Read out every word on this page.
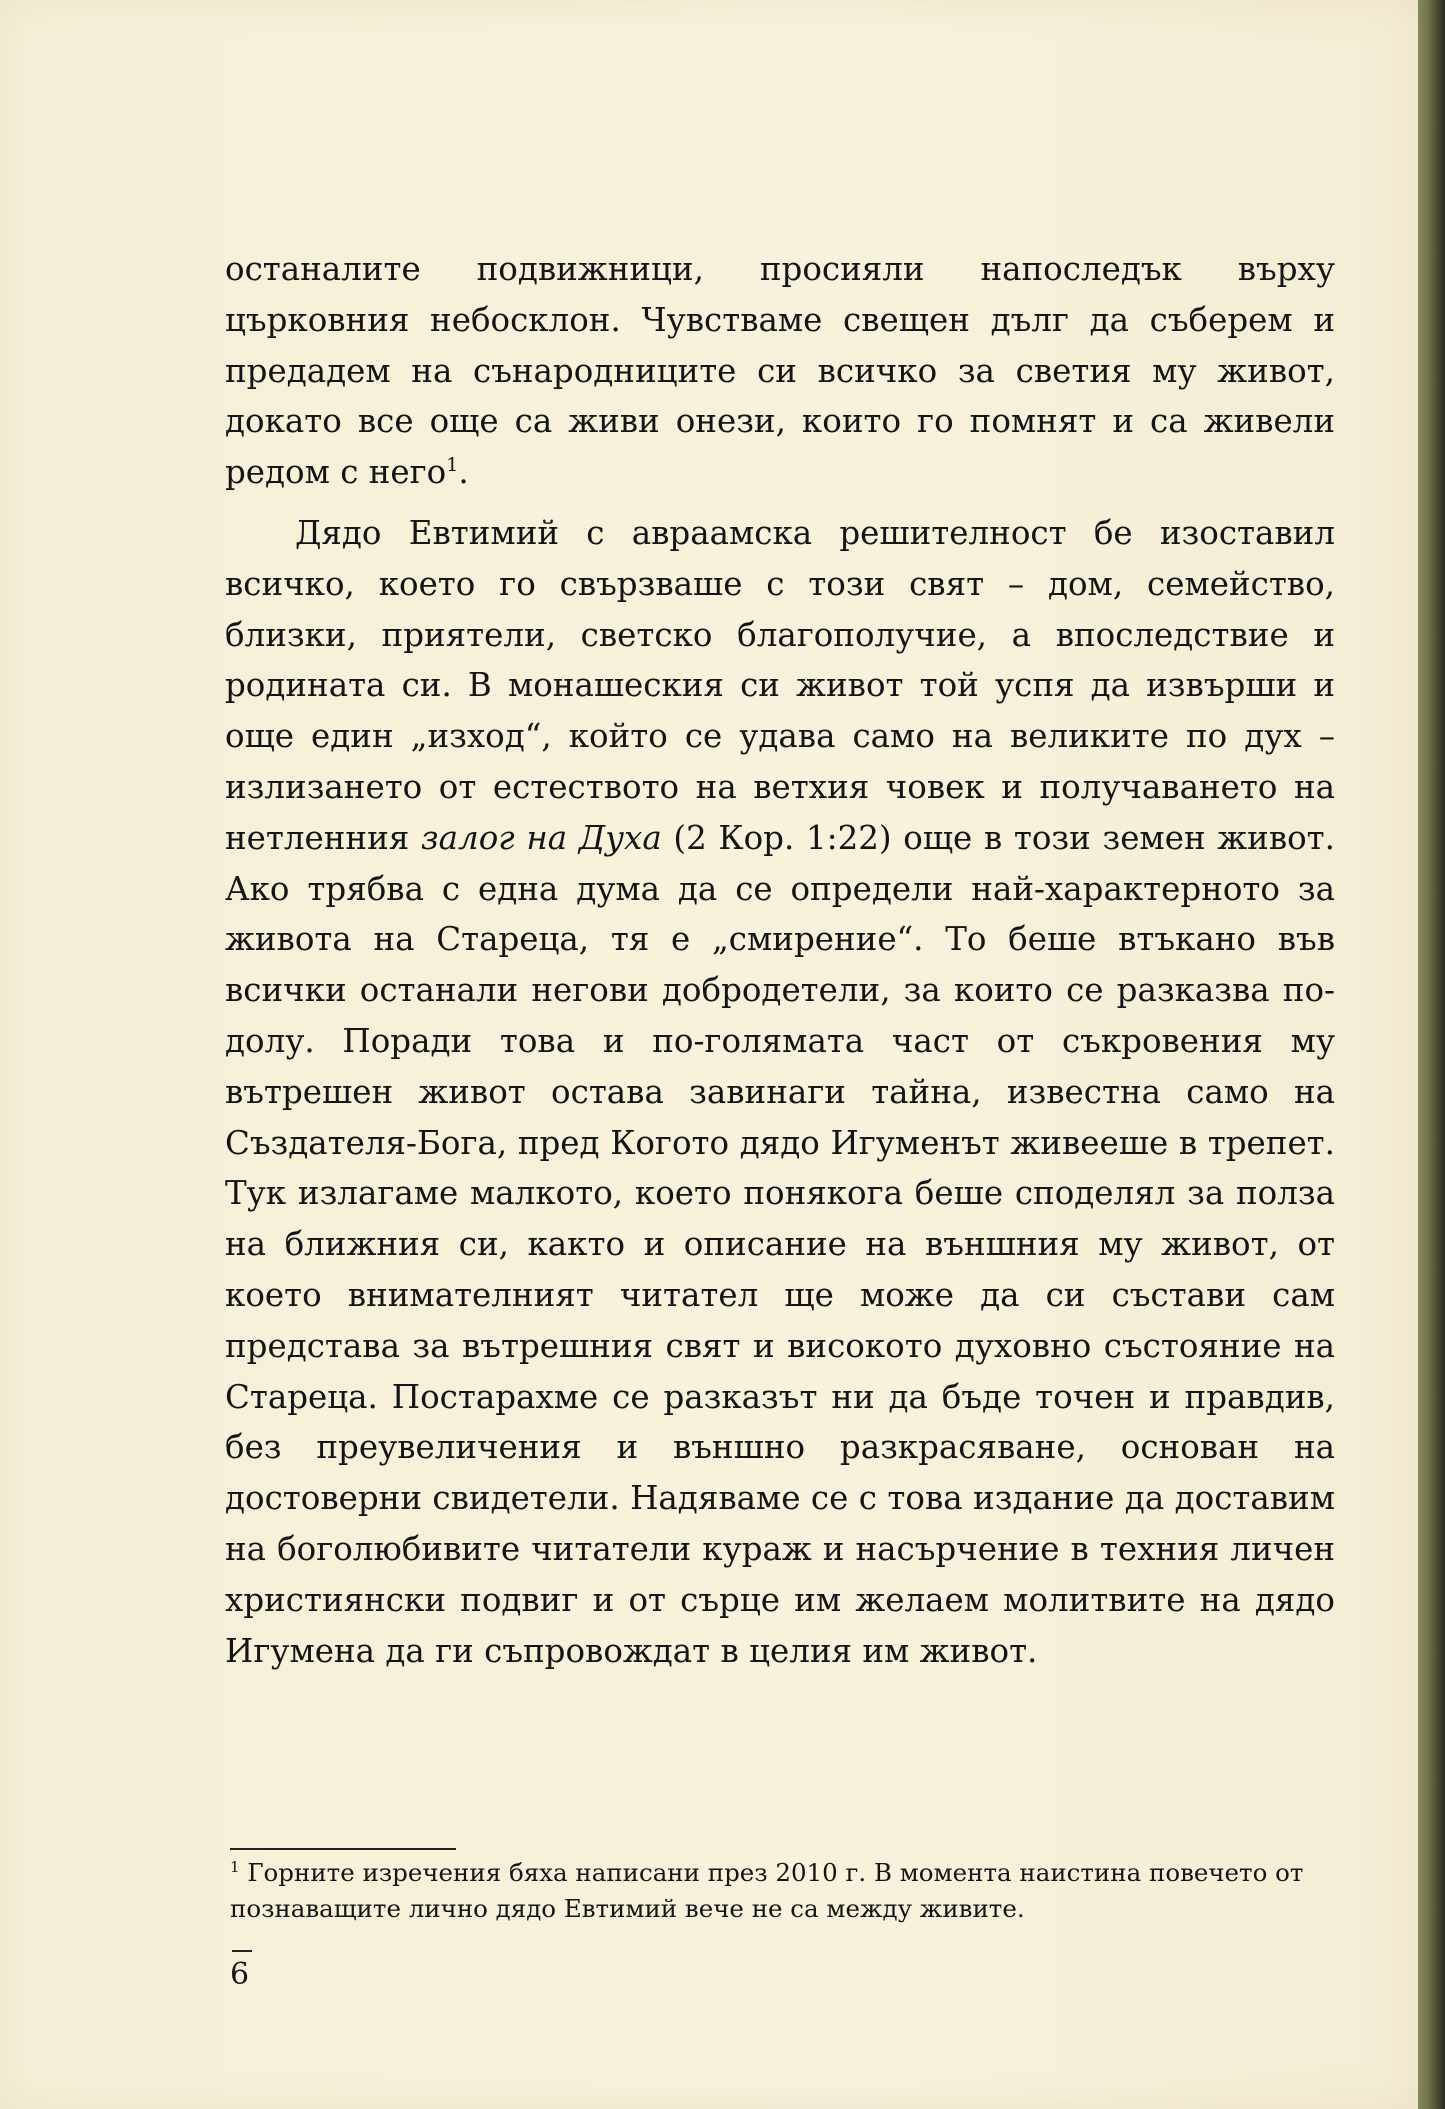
останалите подвижници, просияли напоследък върху църковния небосклон. Чувстваме свещен дълг да съберем и предадем на сънародниците си всичко за светия му живот, докато все още са живи онези, които го помнят и са живели редом с него$^1$.

Дядо Евтимий с авраамска решителност бе изоставил всичко, което го свързваше с този свят – дом, семейство, близки, приятели, светско благополучие, а впоследствие и родината си. В монашеския си живот той успя да извърши и още един „изход“, който се удава само на великите по дух – излизането от естеството на ветхия човек и получаването на нетленния залог на Духа (2 Кор. 1:22) още в този земен живот. Ако трябва с една дума да се определи най-характерното за живота на Стареца, тя е „смирение“. То беше втъкано във всички останали негови добродетели, за които се разказва по-долу. Поради това и по-голямата част от съкровения му вътрешен живот остава завинаги тайна, известна само на Създателя-Бога, пред Когото дядо Игуменът живееше в трепет. Тук излагаме малкото, което понякога беше споделял за полза на ближния си, както и описание на външния му живот, от което внимателният читател ще може да си състави сам представа за вътрешния свят и високото духовно състояние на Стареца. Постарахме се разказът ни да бъде точен и правдив, без преувеличения и външно разкрасяване, основан на достоверни свидетели. Надяваме се с това издание да доставим на боголюбивите читатели кураж и насърчение в техния личен християнски подвиг и от сърце им желаем молитвите на дядо Игумена да ги съпровождат в целия им живот.

$^1$ Горните изречения бяха написани през 2010 г. В момента наистина повечето от познаващите лично дядо Евтимий вече не са между живите.
6
